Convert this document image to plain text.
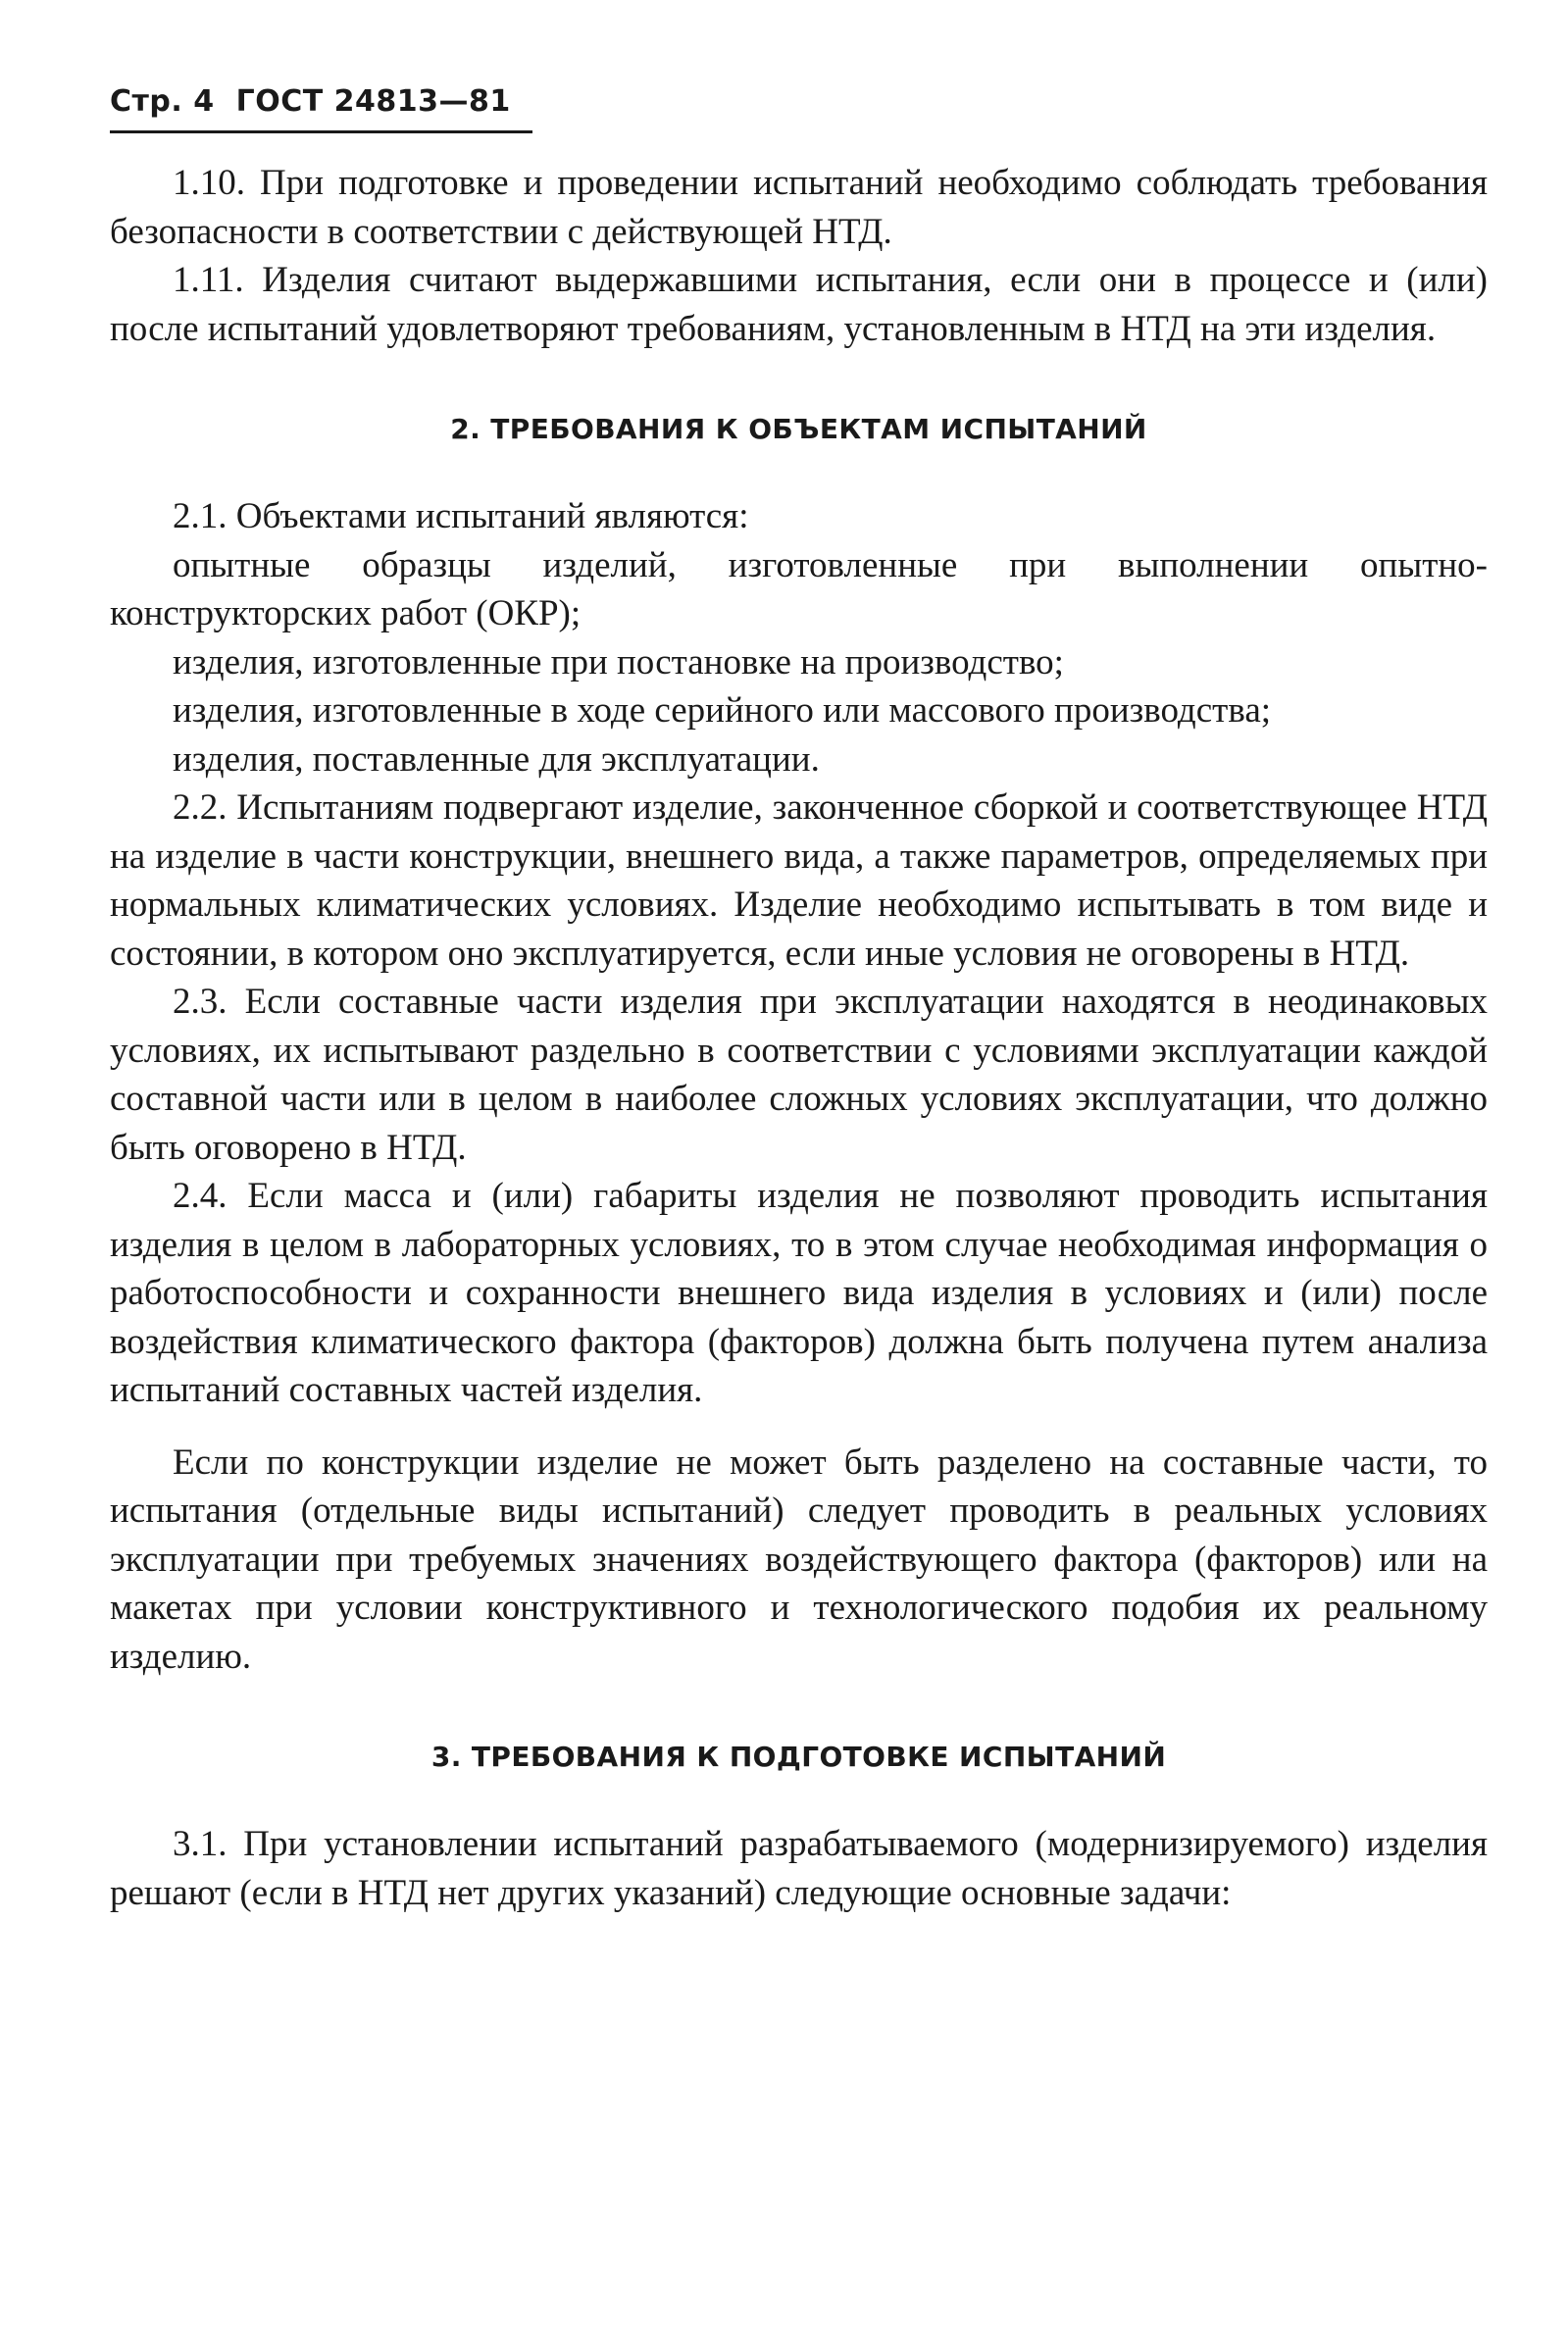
Стр. 4 ГОСТ 24813—81

1.10. При подготовке и проведении испытаний необходимо соблюдать требования безопасности в соответствии с действующей НТД.

1.11. Изделия считают выдержавшими испытания, если они в процессе и (или) после испытаний удовлетворяют требованиям, установленным в НТД на эти изделия.

2. ТРЕБОВАНИЯ К ОБЪЕКТАМ ИСПЫТАНИЙ

2.1. Объектами испытаний являются:

опытные образцы изделий, изготовленные при выполнении опытно-конструкторских работ (ОКР);

изделия, изготовленные при постановке на производство;

изделия, изготовленные в ходе серийного или массового производства;

изделия, поставленные для эксплуатации.

2.2. Испытаниям подвергают изделие, законченное сборкой и соответствующее НТД на изделие в части конструкции, внешнего вида, а также параметров, определяемых при нормальных климатических условиях. Изделие необходимо испытывать в том виде и состоянии, в котором оно эксплуатируется, если иные условия не оговорены в НТД.

2.3. Если составные части изделия при эксплуатации находятся в неодинаковых условиях, их испытывают раздельно в соответствии с условиями эксплуатации каждой составной части или в целом в наиболее сложных условиях эксплуатации, что должно быть оговорено в НТД.

2.4. Если масса и (или) габариты изделия не позволяют проводить испытания изделия в целом в лабораторных условиях, то в этом случае необходимая информация о работоспособности и сохранности внешнего вида изделия в условиях и (или) после воздействия климатического фактора (факторов) должна быть получена путем анализа испытаний составных частей изделия.

Если по конструкции изделие не может быть разделено на составные части, то испытания (отдельные виды испытаний) следует проводить в реальных условиях эксплуатации при требуемых значениях воздействующего фактора (факторов) или на макетах при условии конструктивного и технологического подобия их реальному изделию.

3. ТРЕБОВАНИЯ К ПОДГОТОВКЕ ИСПЫТАНИЙ

3.1. При установлении испытаний разрабатываемого (модернизируемого) изделия решают (если в НТД нет других указаний) следующие основные задачи:
